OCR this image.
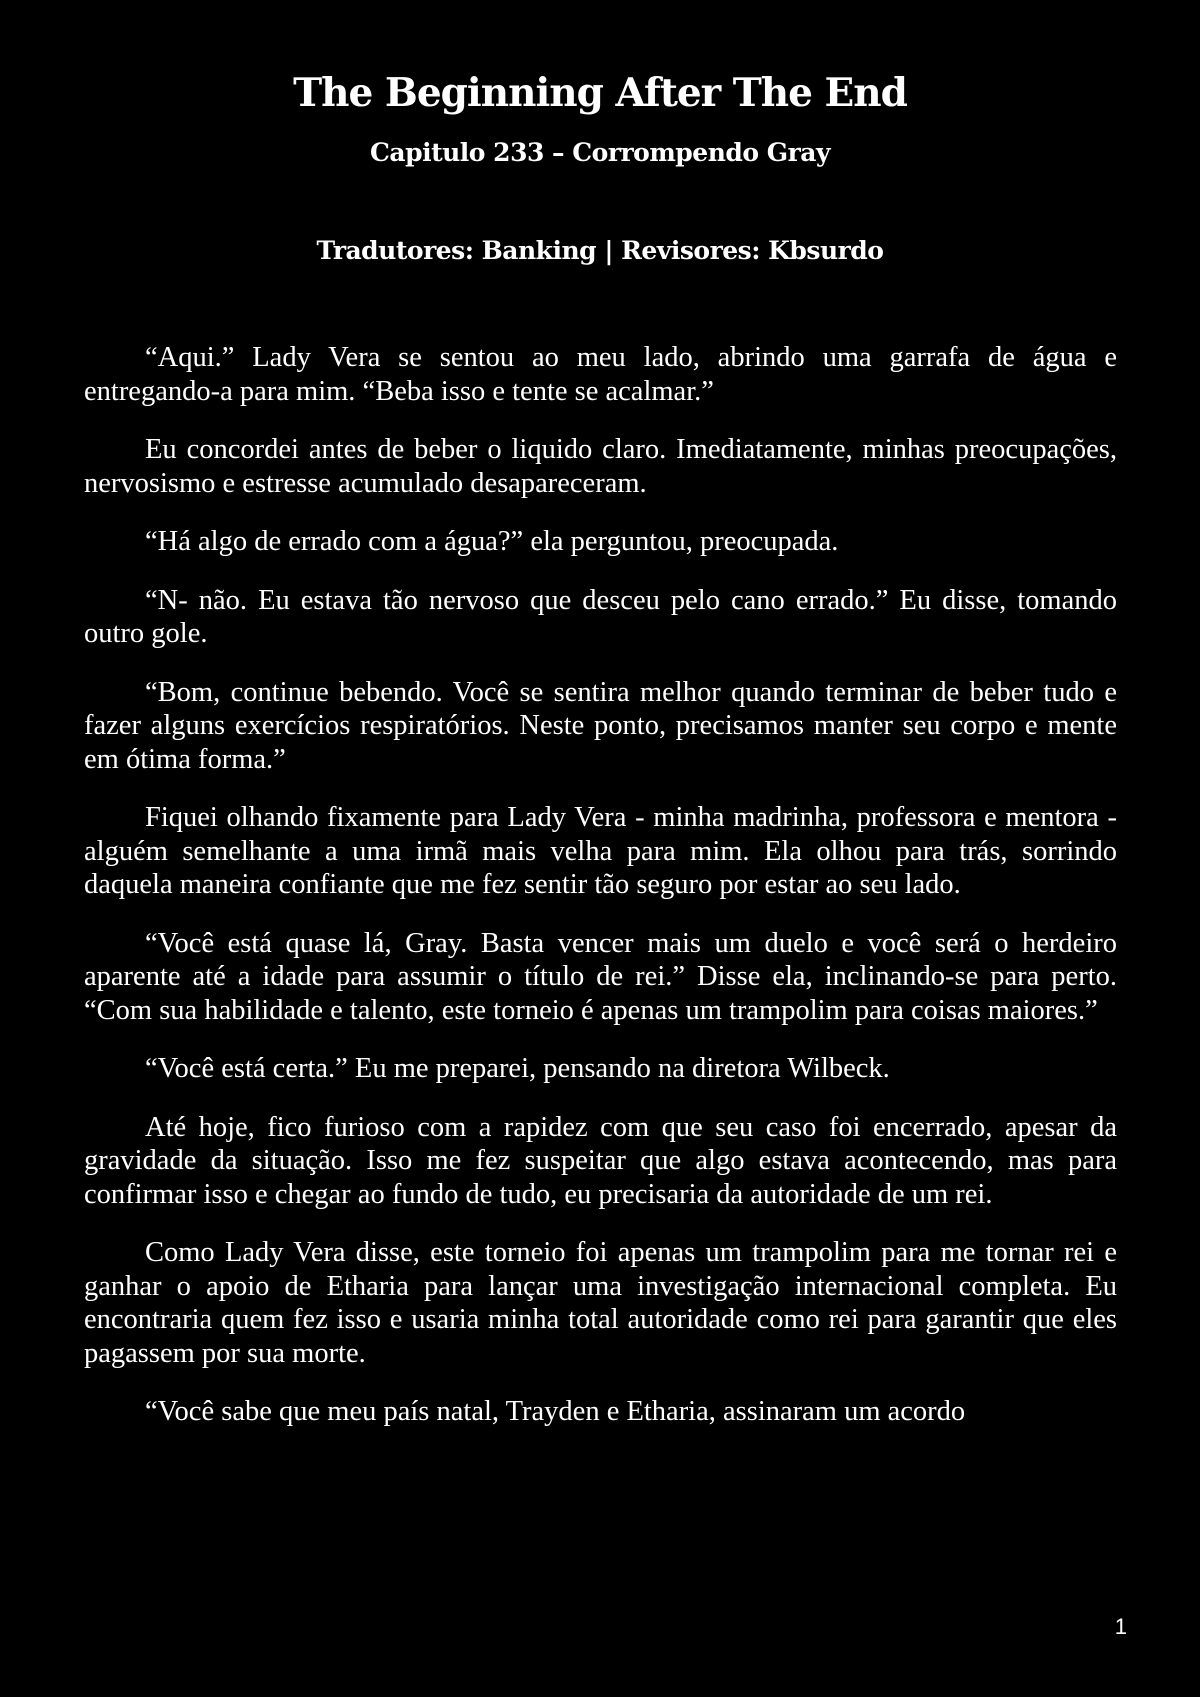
The Beginning After The End
Capitulo 233 – Corrompendo Gray
Tradutores: Banking | Revisores: Kbsurdo

“Aqui.” Lady Vera se sentou ao meu lado, abrindo uma garrafa de água e entregando-a para mim. “Beba isso e tente se acalmar.”

Eu concordei antes de beber o liquido claro. Imediatamente, minhas preocupações, nervosismo e estresse acumulado desapareceram.

“Há algo de errado com a água?” ela perguntou, preocupada.

“N- não. Eu estava tão nervoso que desceu pelo cano errado.” Eu disse, tomando outro gole.

“Bom, continue bebendo. Você se sentira melhor quando terminar de beber tudo e fazer alguns exercícios respiratórios. Neste ponto, precisamos manter seu corpo e mente em ótima forma.”

Fiquei olhando fixamente para Lady Vera - minha madrinha, professora e mentora - alguém semelhante a uma irmã mais velha para mim. Ela olhou para trás, sorrindo daquela maneira confiante que me fez sentir tão seguro por estar ao seu lado.

“Você está quase lá, Gray. Basta vencer mais um duelo e você será o herdeiro aparente até a idade para assumir o título de rei.” Disse ela, inclinando-se para perto. “Com sua habilidade e talento, este torneio é apenas um trampolim para coisas maiores.”

“Você está certa.” Eu me preparei, pensando na diretora Wilbeck.

Até hoje, fico furioso com a rapidez com que seu caso foi encerrado, apesar da gravidade da situação. Isso me fez suspeitar que algo estava acontecendo, mas para confirmar isso e chegar ao fundo de tudo, eu precisaria da autoridade de um rei.

Como Lady Vera disse, este torneio foi apenas um trampolim para me tornar rei e ganhar o apoio de Etharia para lançar uma investigação internacional completa. Eu encontraria quem fez isso e usaria minha total autoridade como rei para garantir que eles pagassem por sua morte.

“Você sabe que meu país natal, Trayden e Etharia, assinaram um acordo

1
